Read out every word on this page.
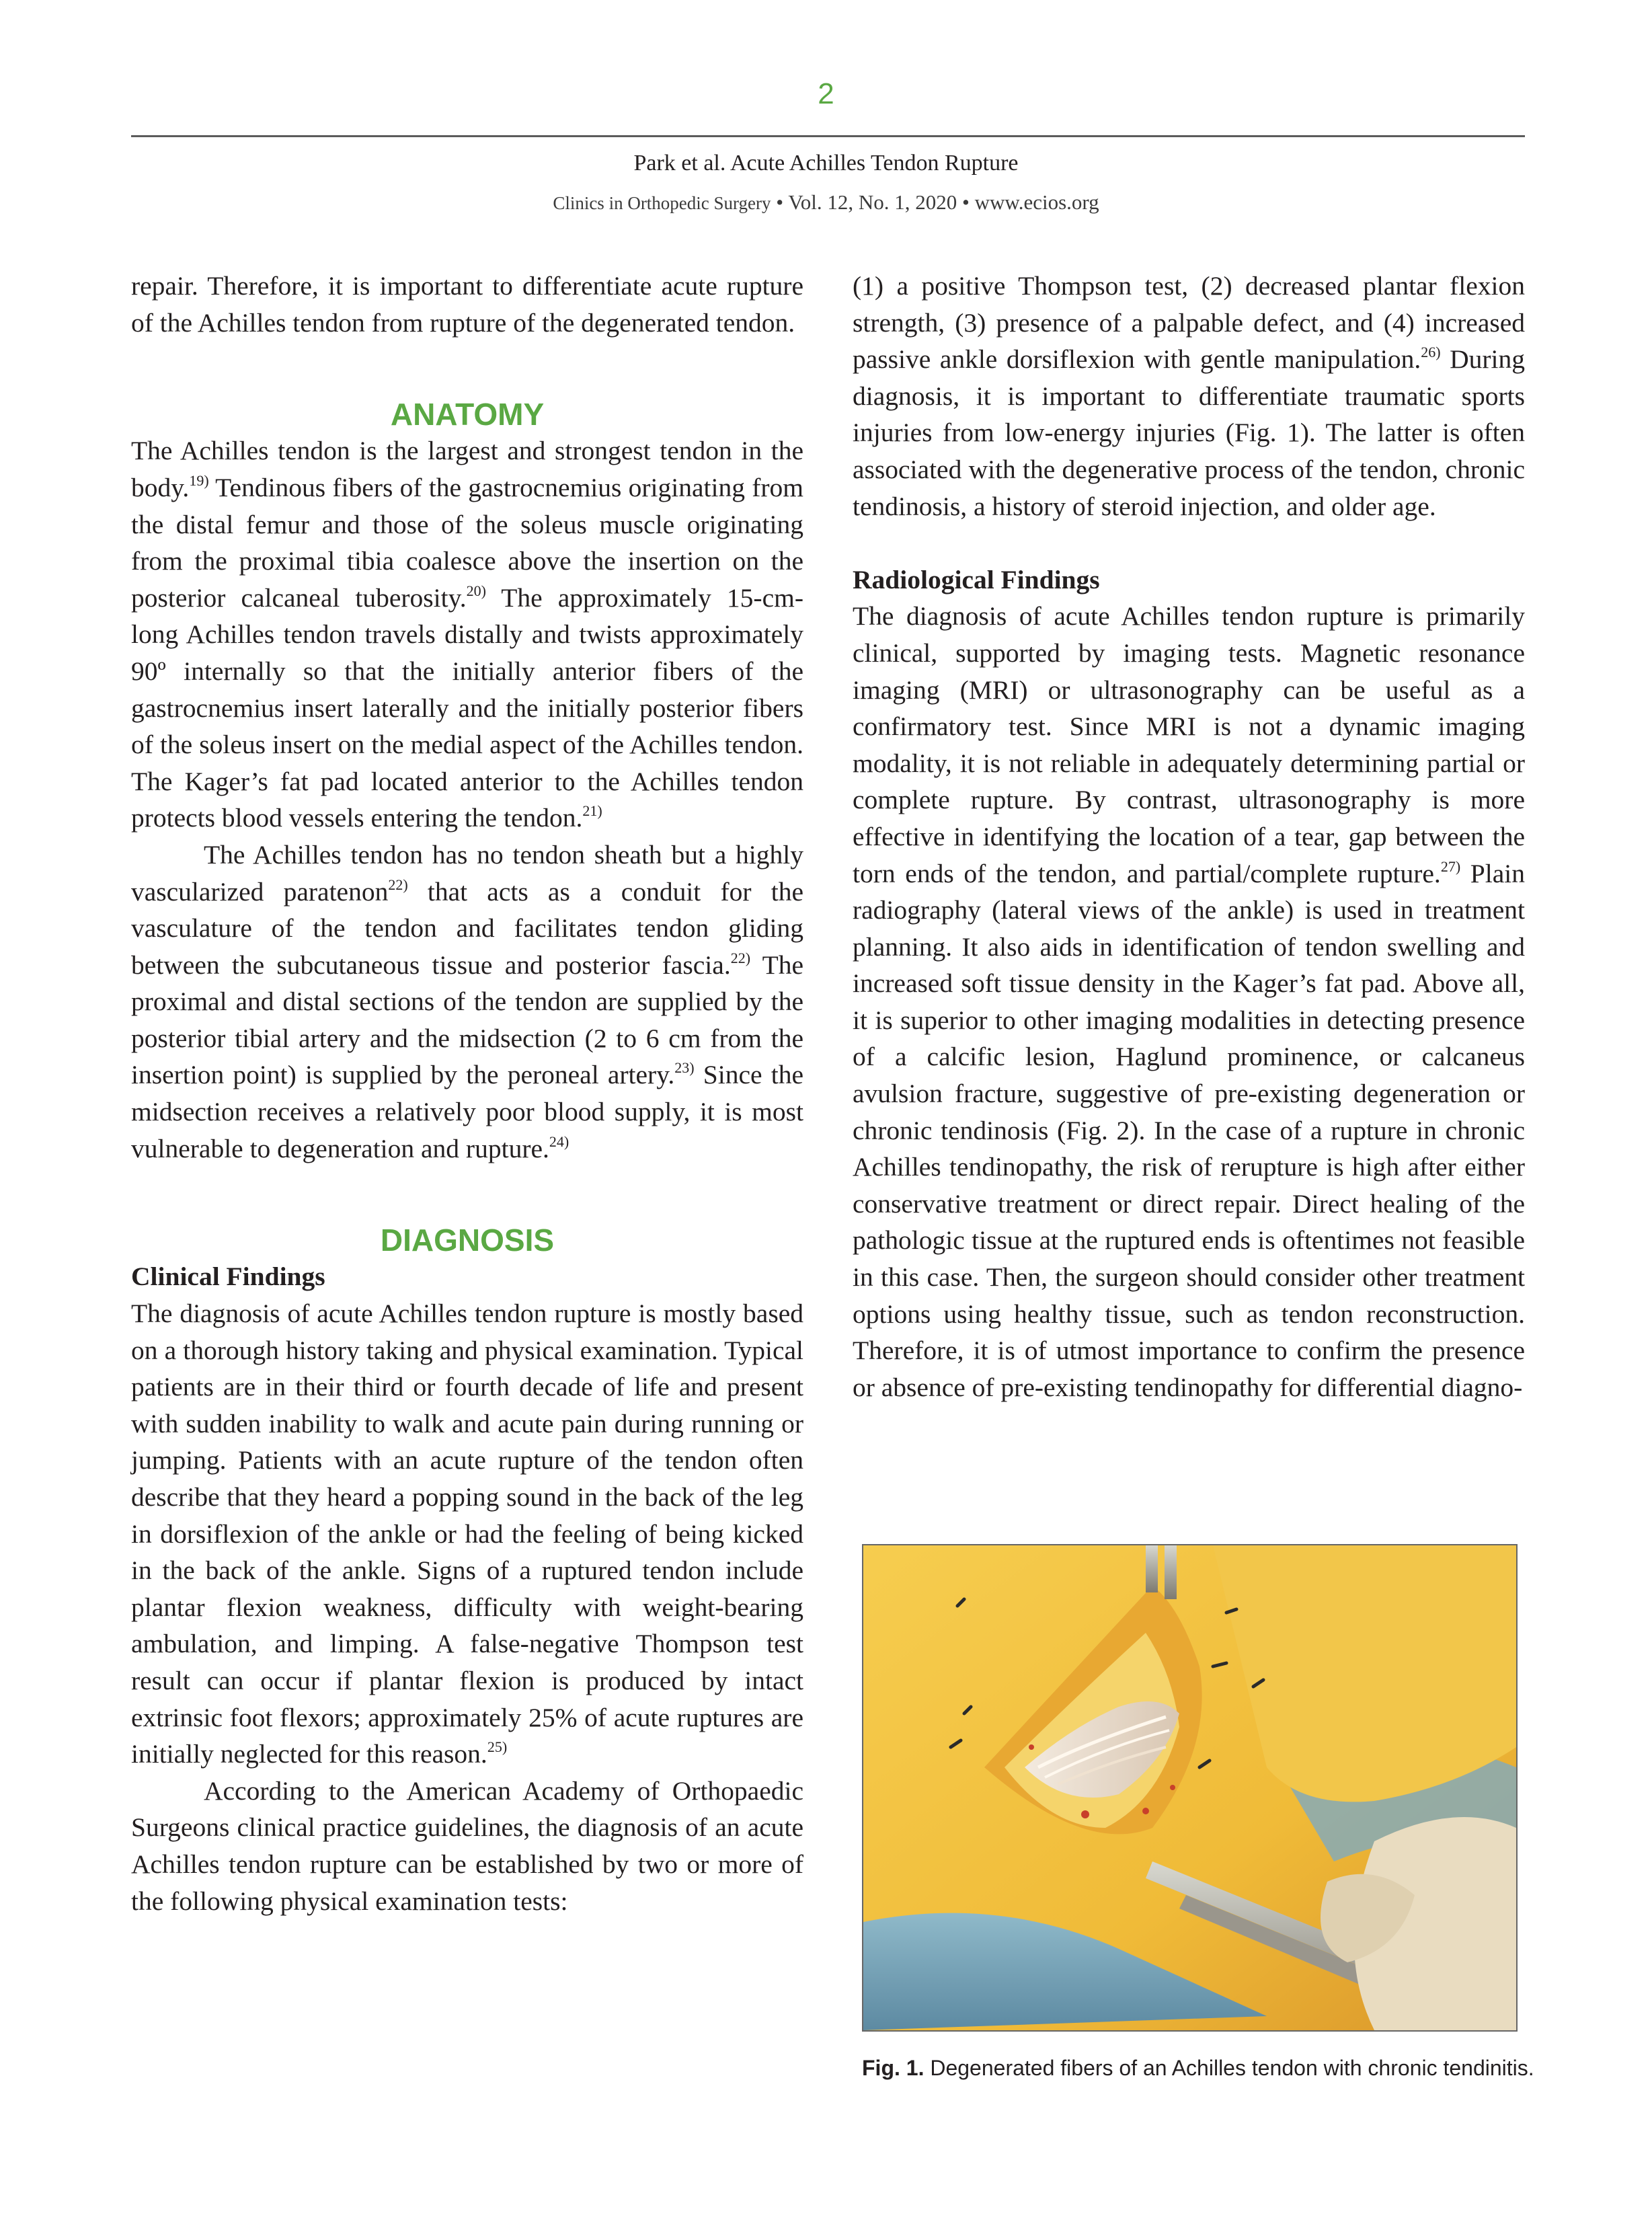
2
Park et al. Acute Achilles Tendon Rupture
Clinics in Orthopedic Surgery • Vol. 12, No. 1, 2020 • www.ecios.org

repair. Therefore, it is important to differentiate acute rupture of the Achilles tendon from rupture of the degenerated tendon.

ANATOMY

The Achilles tendon is the largest and strongest tendon in the body.$^{19)}$ Tendinous fibers of the gastrocnemius originating from the distal femur and those of the soleus muscle originating from the proximal tibia coalesce above the insertion on the posterior calcaneal tuberosity.$^{20)}$ The approximately 15-cm-long Achilles tendon travels distally and twists approximately 90º internally so that the initially anterior fibers of the gastrocnemius insert laterally and the initially posterior fibers of the soleus insert on the medial aspect of the Achilles tendon. The Kager’s fat pad located anterior to the Achilles tendon protects blood vessels entering the tendon.$^{21)}$

The Achilles tendon has no tendon sheath but a highly vascularized paratenon$^{22)}$ that acts as a conduit for the vasculature of the tendon and facilitates tendon gliding between the subcutaneous tissue and posterior fascia.$^{22)}$ The proximal and distal sections of the tendon are supplied by the posterior tibial artery and the midsection (2 to 6 cm from the insertion point) is supplied by the peroneal artery.$^{23)}$ Since the midsection receives a relatively poor blood supply, it is most vulnerable to degeneration and rupture.$^{24)}$

DIAGNOSIS

Clinical Findings

The diagnosis of acute Achilles tendon rupture is mostly based on a thorough history taking and physical examination. Typical patients are in their third or fourth decade of life and present with sudden inability to walk and acute pain during running or jumping. Patients with an acute rupture of the tendon often describe that they heard a popping sound in the back of the leg in dorsiflexion of the ankle or had the feeling of being kicked in the back of the ankle. Signs of a ruptured tendon include plantar flexion weakness, difficulty with weight-bearing ambulation, and limping. A false-negative Thompson test result can occur if plantar flexion is produced by intact extrinsic foot flexors; approximately 25% of acute ruptures are initially neglected for this reason.$^{25)}$

According to the American Academy of Orthopaedic Surgeons clinical practice guidelines, the diagnosis of an acute Achilles tendon rupture can be established by two or more of the following physical examination tests:

(1) a positive Thompson test, (2) decreased plantar flexion strength, (3) presence of a palpable defect, and (4) increased passive ankle dorsiflexion with gentle manipulation.$^{26)}$ During diagnosis, it is important to differentiate traumatic sports injuries from low-energy injuries (Fig. 1). The latter is often associated with the degenerative process of the tendon, chronic tendinosis, a history of steroid injection, and older age.

Radiological Findings

The diagnosis of acute Achilles tendon rupture is primarily clinical, supported by imaging tests. Magnetic resonance imaging (MRI) or ultrasonography can be useful as a confirmatory test. Since MRI is not a dynamic imaging modality, it is not reliable in adequately determining partial or complete rupture. By contrast, ultrasonography is more effective in identifying the location of a tear, gap between the torn ends of the tendon, and partial/complete rupture.$^{27)}$ Plain radiography (lateral views of the ankle) is used in treatment planning. It also aids in identification of tendon swelling and increased soft tissue density in the Kager’s fat pad. Above all, it is superior to other imaging modalities in detecting presence of a calcific lesion, Haglund prominence, or calcaneus avulsion fracture, suggestive of pre-existing degeneration or chronic tendinosis (Fig. 2). In the case of a rupture in chronic Achilles tendinopathy, the risk of rerupture is high after either conservative treatment or direct repair. Direct healing of the pathologic tissue at the ruptured ends is oftentimes not feasible in this case. Then, the surgeon should consider other treatment options using healthy tissue, such as tendon reconstruction. Therefore, it is of utmost importance to confirm the presence or absence of pre-existing tendinopathy for differential diagno-

Fig. 1. Degenerated fibers of an Achilles tendon with chronic tendinitis.
